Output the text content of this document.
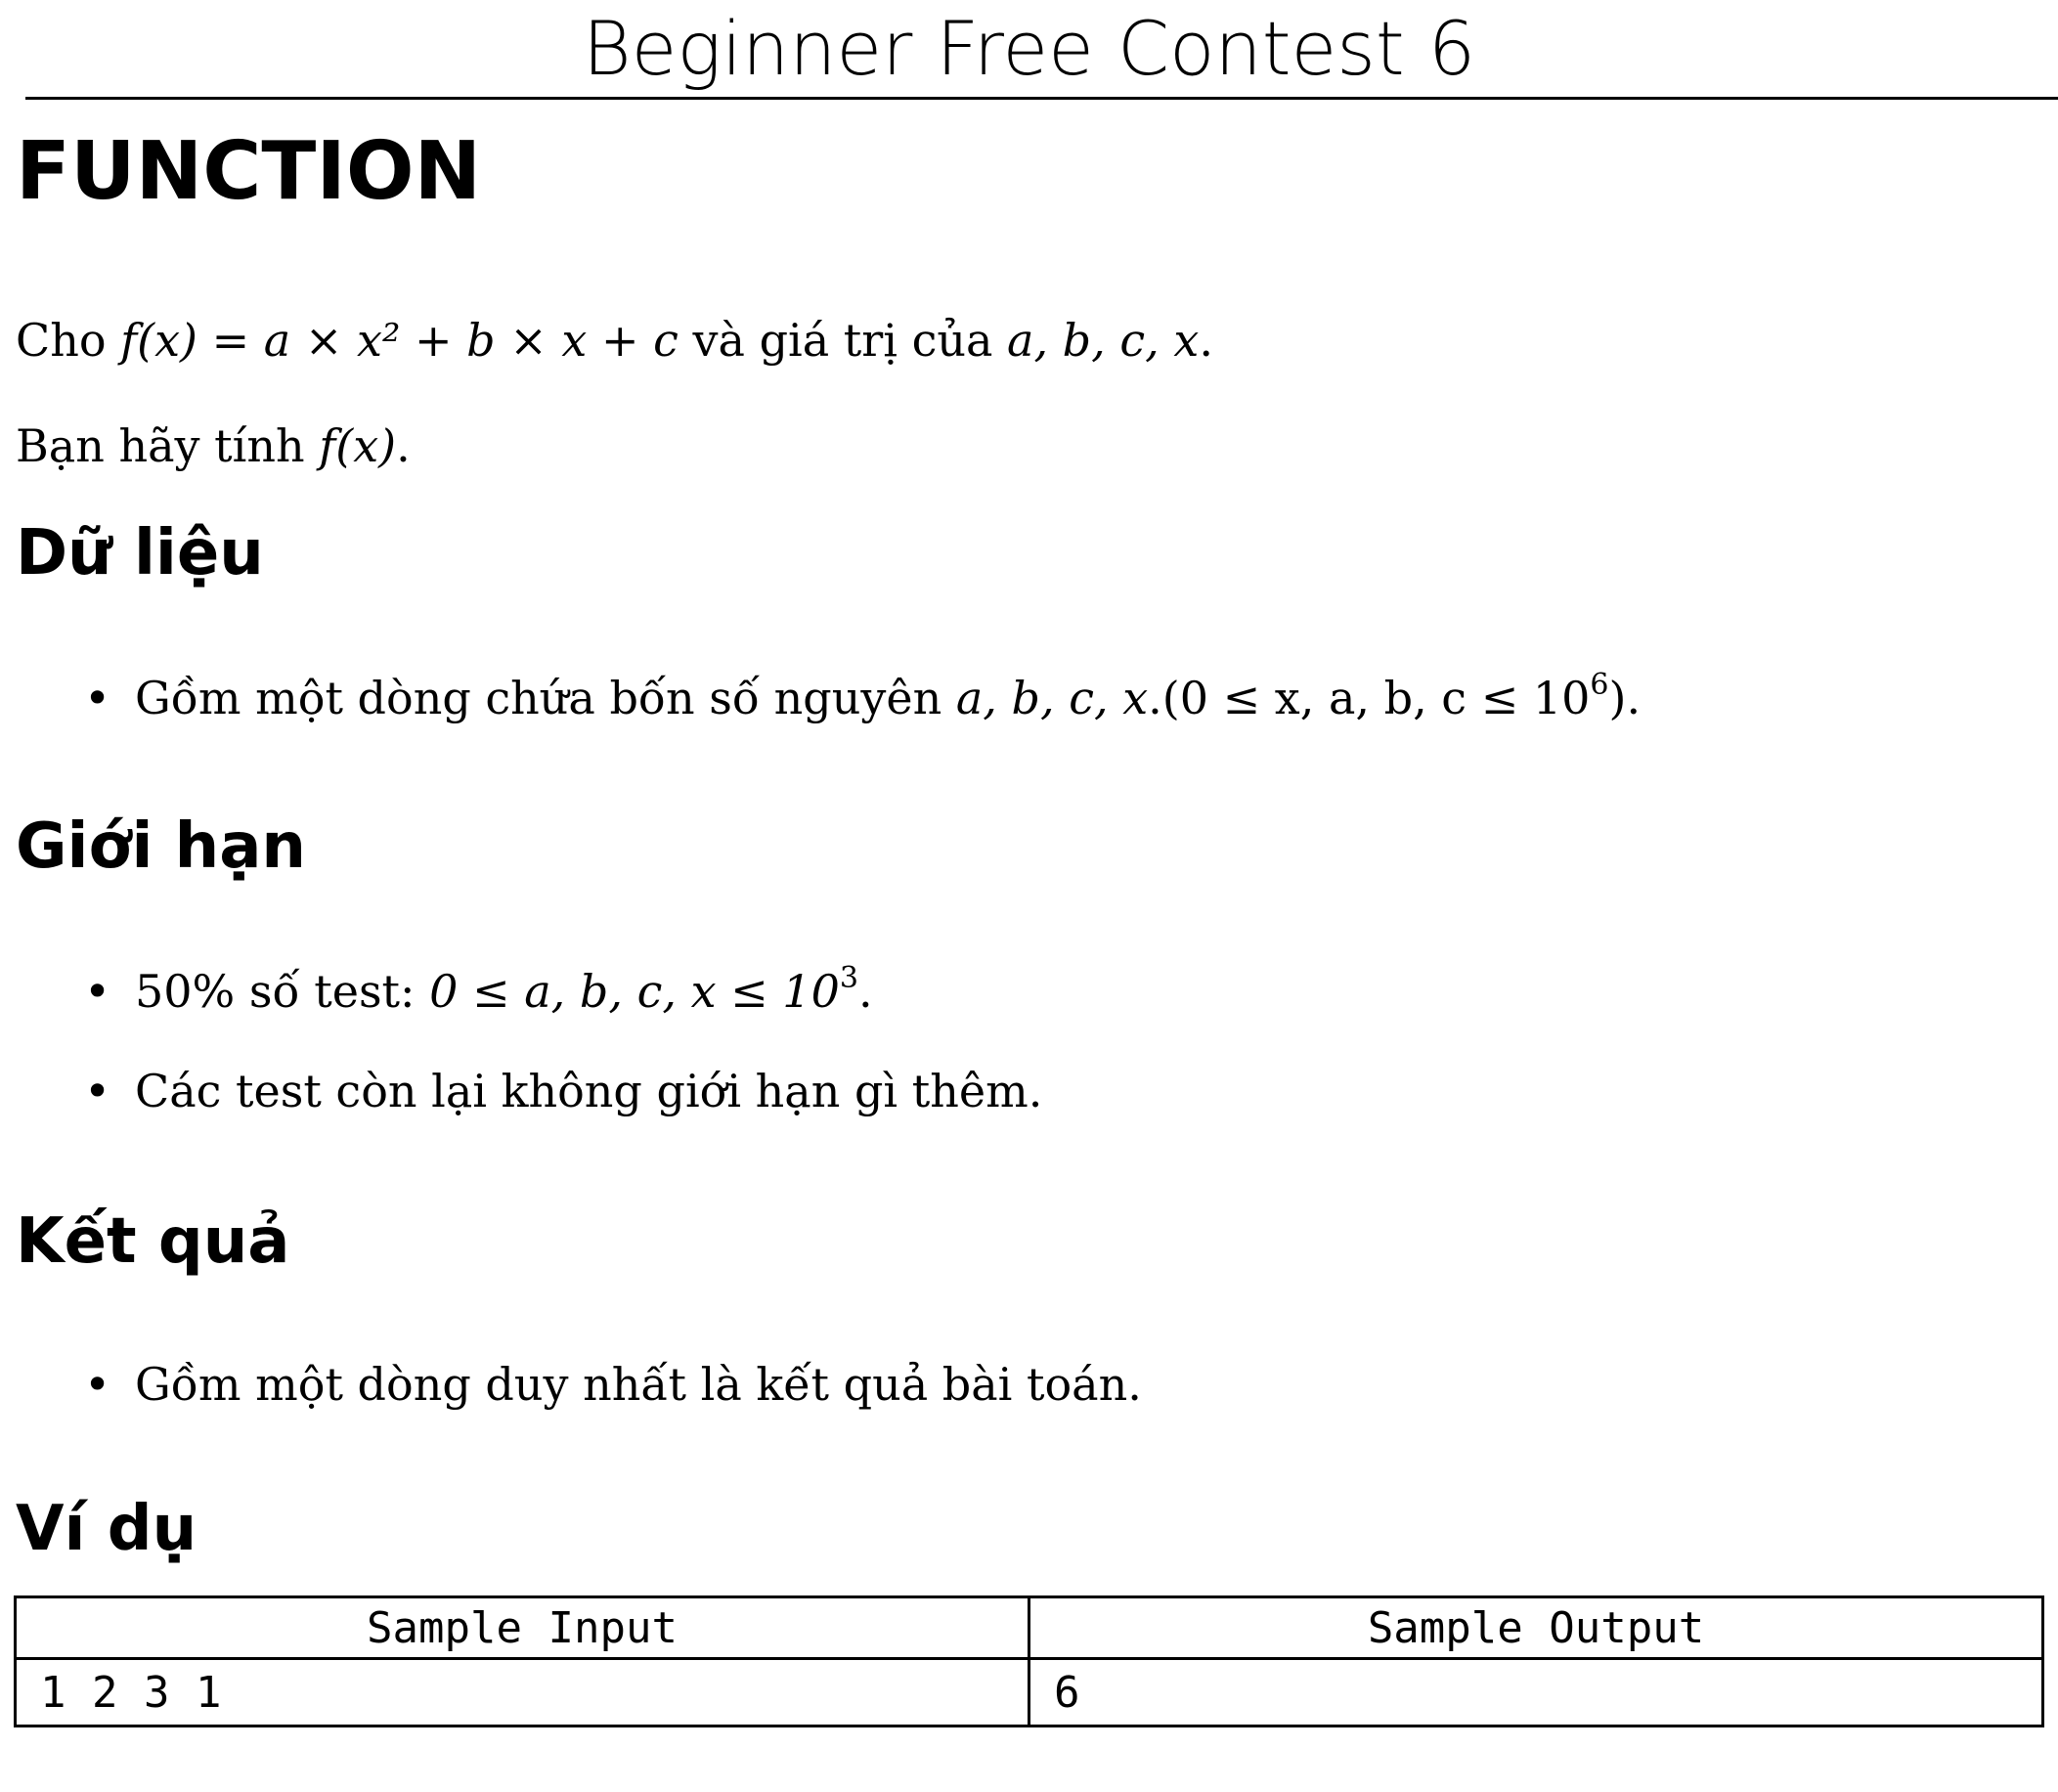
Beginner Free Contest 6
FUNCTION

Cho f(x) = a × x² + b × x + c và giá trị của a, b, c, x.

Bạn hãy tính f(x).

Dữ liệu

• Gồm một dòng chứa bốn số nguyên a, b, c, x.(0 ≤ x, a, b, $c \le 10^6$).

Giới hạn

• 50% số test: 0 ≤ a, b, c, $x \le 10^3$.

• Các test còn lại không giới hạn gì thêm.

Kết quả

• Gồm một dòng duy nhất là kết quả bài toán.

Ví dụ
Sample Input	Sample Output
1 2 3 1	6
